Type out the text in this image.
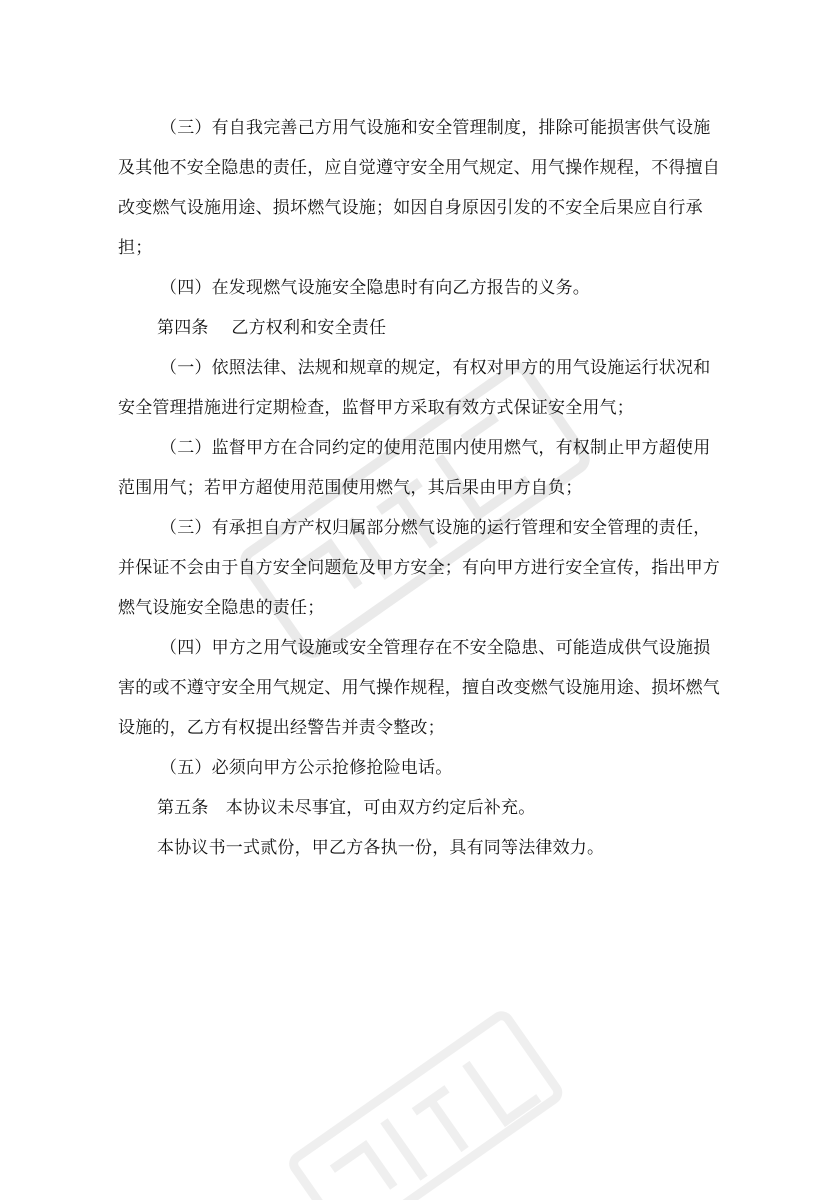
（三）有自我完善己方用气设施和安全管理制度，排除可能损害供气设施及其他不安全隐患的责任，应自觉遵守安全用气规定、用气操作规程，不得擅自改变燃气设施用途、损坏燃气设施；如因自身原因引发的不安全后果应自行承担；

（四）在发现燃气设施安全隐患时有向乙方报告的义务。

第四条　 乙方权利和安全责任

（一）依照法律、法规和规章的规定，有权对甲方的用气设施运行状况和安全管理措施进行定期检查，监督甲方采取有效方式保证安全用气；

（二）监督甲方在合同约定的使用范围内使用燃气，有权制止甲方超使用范围用气；若甲方超使用范围使用燃气，其后果由甲方自负；

（三）有承担自方产权归属部分燃气设施的运行管理和安全管理的责任，并保证不会由于自方安全问题危及甲方安全；有向甲方进行安全宣传，指出甲方燃气设施安全隐患的责任；

（四）甲方之用气设施或安全管理存在不安全隐患、可能造成供气设施损害的或不遵守安全用气规定、用气操作规程，擅自改变燃气设施用途、损坏燃气设施的，乙方有权提出经警告并责令整改；

（五）必须向甲方公示抢修抢险电话。

第五条　本协议未尽事宜，可由双方约定后补充。

本协议书一式贰份，甲乙方各执一份，具有同等法律效力。
